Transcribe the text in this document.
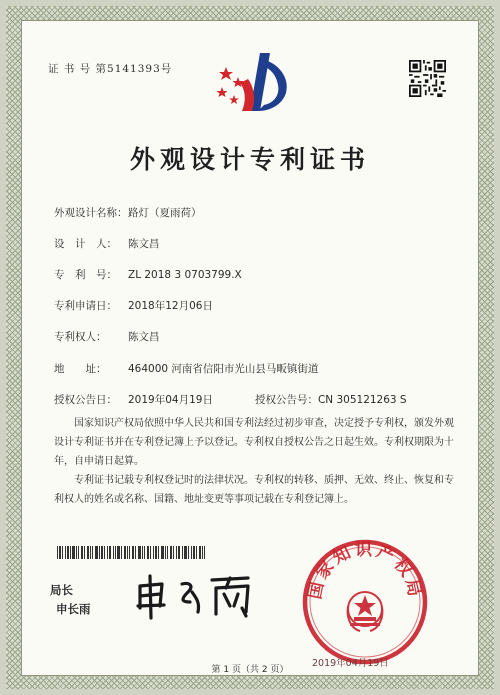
证 书 号 第5141393号
外观设计专利证书
外观设计名称：路灯（夏雨荷）
设　计　人： 陈文昌
专　利　号： ZL 2018 3 0703799.X
专利申请日： 2018年12月06日
专利权人： 陈文昌
地　　址： 464000 河南省信阳市光山县马畈镇街道
授权公告日： 2019年04月19日　　　　授权公告号：CN 305121263 S
国家知识产权局依照中华人民共和国专利法经过初步审查，决定授予专利权，颁发外观设计专利证书并在专利登记簿上予以登记。专利权自授权公告之日起生效。专利权期限为十年，自申请日起算。
专利证书记载专利权登记时的法律状况。专利权的转移、质押、无效、终止、恢复和专利权人的姓名或名称、国籍、地址变更等事项记载在专利登记簿上。
局长
申长雨
国家知识产权局
2019年04月19日
第 1 页（共 2 页）
